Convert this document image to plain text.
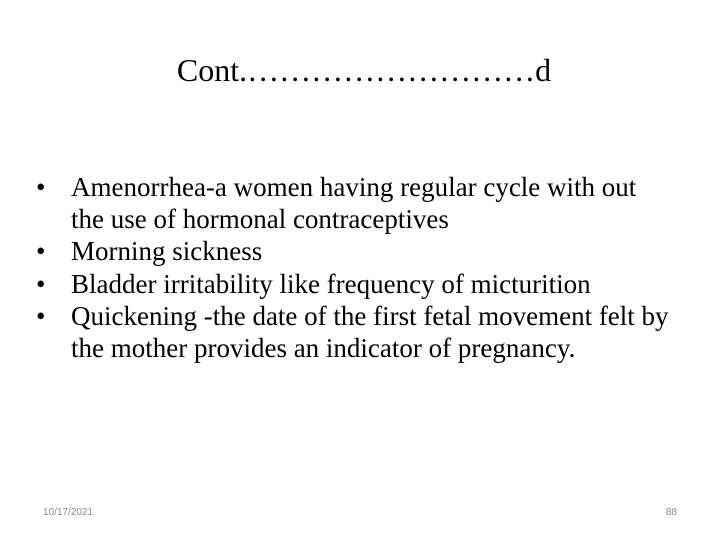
Cont.………………………d
• Amenorrhea-a women having regular cycle with out the use of hormonal contraceptives
• Morning sickness
• Bladder irritability like frequency of micturition
• Quickening -the date of the first fetal movement felt by the mother provides an indicator of pregnancy.
10/17/2021	88
